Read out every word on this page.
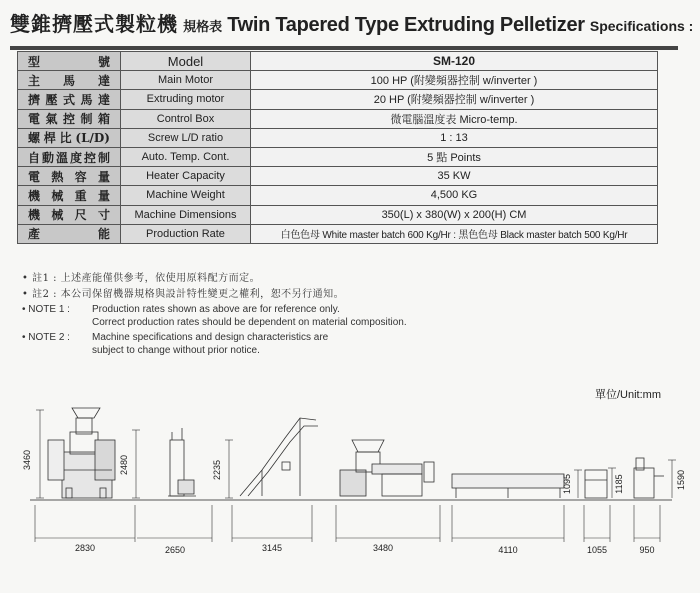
雙錐擠壓式製粒機 規格表 Twin Tapered Type Extruding Pelletizer Specifications :
型號	Model	SM-120
主馬達	Main Motor	100 HP (附變頻器控制 w/inverter )
擠壓式馬達	Extruding motor	20 HP (附變頻器控制 w/inverter )
電氣控制箱	Control Box	微電腦溫度表 Micro-temp.
螺桿比(L/D)	Screw L/D ratio	1 : 13
自動溫度控制	Auto. Temp. Cont.	5 點 Points
電熱容量	Heater Capacity	35 KW
機械重量	Machine Weight	4,500 KG
機械尺寸	Machine Dimensions	350(L) x 380(W) x 200(H) CM
產能	Production Rate	白色色母 White master batch 600 Kg/Hr : 黑色色母 Black master batch 500 Kg/Hr
• 註1 : 上述產能僅供參考，依使用原料配方而定。
• 註2 : 本公司保留機器規格與設計特性變更之權利，恕不另行通知。
• NOTE 1 :	Production rates shown as above are for reference only.
Correct production rates should be dependent on material composition.
• NOTE 2 :	Machine specifications and design characteristics are
subject to change without prior notice.
單位/Unit:mm
3460	2480	2235
1095	1185	1590
2830	2650	3145	3480	4110	1055	950
